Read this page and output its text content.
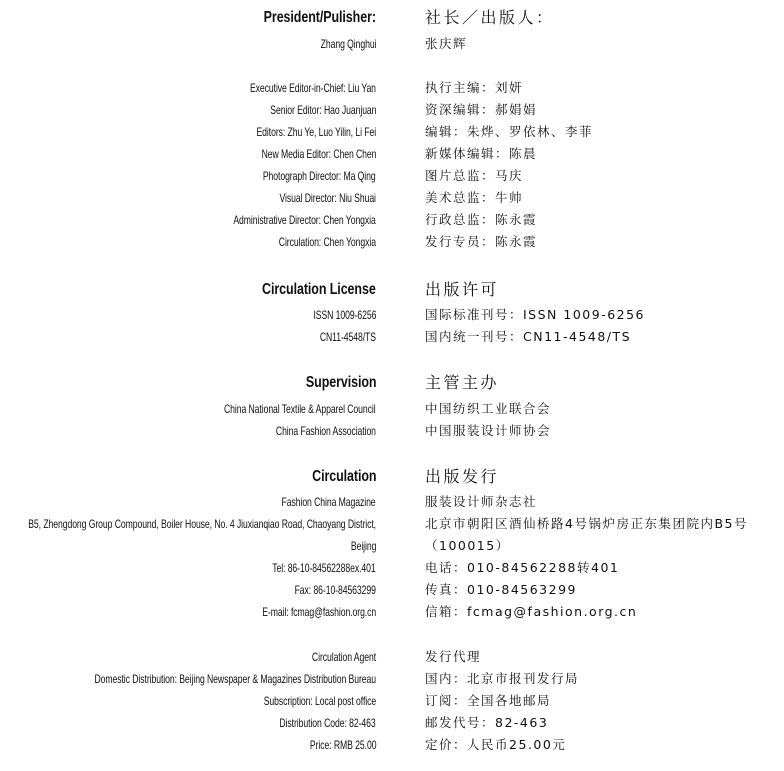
President/Pulisher:	社长／出版人：
Zhang Qinghui	张庆辉
Executive Editor-in-Chief: Liu Yan	执行主编：刘妍
Senior Editor: Hao Juanjuan	资深编辑：郝娟娟
Editors: Zhu Ye, Luo Yilin, Li Fei	编辑：朱烨、罗依林、李菲
New Media Editor: Chen Chen	新媒体编辑：陈晨
Photograph Director: Ma Qing	图片总监：马庆
Visual Director: Niu Shuai	美术总监：牛帅
Administrative Director: Chen Yongxia	行政总监：陈永霞
Circulation: Chen Yongxia	发行专员：陈永霞
Circulation License	出版许可
ISSN 1009-6256	国际标准刊号：ISSN 1009-6256
CN11-4548/TS	国内统一刊号：CN11-4548/TS
Supervision	主管主办
China National Textile & Apparel Council	中国纺织工业联合会
China Fashion Association	中国服装设计师协会
Circulation	出版发行
Fashion China Magazine	服装设计师杂志社
B5, Zhengdong Group Compound, Boiler House, No. 4 Jiuxianqiao Road, Chaoyang District,	北京市朝阳区酒仙桥路4号锅炉房正东集团院内B5号
Beijing	（100015）
Tel: 86-10-84562288ex.401	电话：010-84562288转401
Fax: 86-10-84563299	传真：010-84563299
E-mail: fcmag@fashion.org.cn	信箱：fcmag@fashion.org.cn
Circulation Agent	发行代理
Domestic Distribution: Beijing Newspaper & Magazines Distribution Bureau	国内：北京市报刊发行局
Subscription: Local post office	订阅：全国各地邮局
Distribution Code: 82-463	邮发代号：82-463
Price: RMB 25.00	定价：人民币25.00元
